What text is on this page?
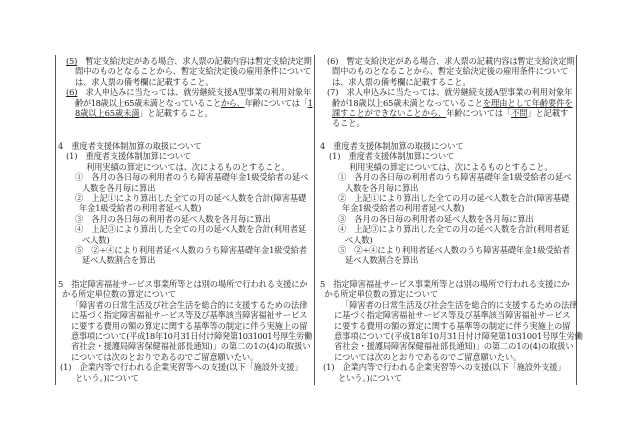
(5)　暫定支給決定がある場合、求人票の記載内容は暫定支給決定期
間中のものとなることから、暫定支給決定後の雇用条件について
は、求人票の備考欄に記載すること。
(6)　求人申込みに当たっては、就労継続支援A型事業の利用対象年
齢が18歳以上65歳未満となっていることから、年齢については「1
8歳以上65歳未満」と記載すること。
4　重度者支援体制加算の取扱について
(1)　重度者支援体制加算について
利用実績の算定については、次によるものとすること。
①　各月の各日毎の利用者のうち障害基礎年金1級受給者の延べ
人数を各月毎に算出
②　上記①により算出した全ての月の延べ人数を合計(障害基礎
年金1級受給者の利用者延べ人数)
③　各月の各日毎の利用者の延べ人数を各月毎に算出
④　上記③により算出した全ての月の延べ人数を合計(利用者延
べ人数)
⑤　②÷④により利用者延べ人数のうち障害基礎年金1級受給者
延べ人数割合を算出
5　指定障害福祉サービス事業所等とは別の場所で行われる支援にか
かる所定単位数の算定について
「障害者の日常生活及び社会生活を総合的に支援するための法律
に基づく指定障害福祉サービス等及び基準該当障害福祉サービス
に要する費用の額の算定に関する基準等の制定に伴う実施上の留
意事項について(平成18年10月31日付け障発第1031001号厚生労働
省社会・援護局障害保健福祉部長通知)」の第二の1の(4)の取扱い
については次のとおりであるのでご留意願いたい。
(1)　企業内等で行われる企業実習等への支援(以下「施設外支援」
という。)について
(6)　暫定支給決定がある場合、求人票の記載内容は暫定支給決定期
間中のものとなることから、暫定支給決定後の雇用条件について
は、求人票の備考欄に記載すること。
(7)　求人申込みに当たっては、就労継続支援A型事業の利用対象年
齢が18歳以上65歳未満となっていることを理由として年齢要件を
課すことができないことから、年齢については「不問」と記載す
ること。
4　重度者支援体制加算の取扱について
(1)　重度者支援体制加算について
利用実績の算定については、次によるものとすること。
①　各月の各日毎の利用者のうち障害基礎年金1級受給者の延べ
人数を各月毎に算出
②　上記①により算出した全ての月の延べ人数を合計(障害基礎
年金1級受給者の利用者延べ人数)
③　各月の各日毎の利用者の延べ人数を各月毎に算出
④　上記③により算出した全ての月の延べ人数を合計(利用者延
べ人数)
⑤　②÷④により利用者延べ人数のうち障害基礎年金1級受給者
延べ人数割合を算出
5　指定障害福祉サービス事業所等とは別の場所で行われる支援にか
かる所定単位数の算定について
「障害者の日常生活及び社会生活を総合的に支援するための法律
に基づく指定障害福祉サービス等及び基準該当障害福祉サービス
に要する費用の額の算定に関する基準等の制定に伴う実施上の留
意事項について(平成18年10月31日付け障発第1031001号厚生労働
省社会・援護局障害保健福祉部長通知)」の第二の1の(4)の取扱い
については次のとおりであるのでご留意願いたい。
(1)　企業内等で行われる企業実習等への支援(以下「施設外支援」
という。)について
